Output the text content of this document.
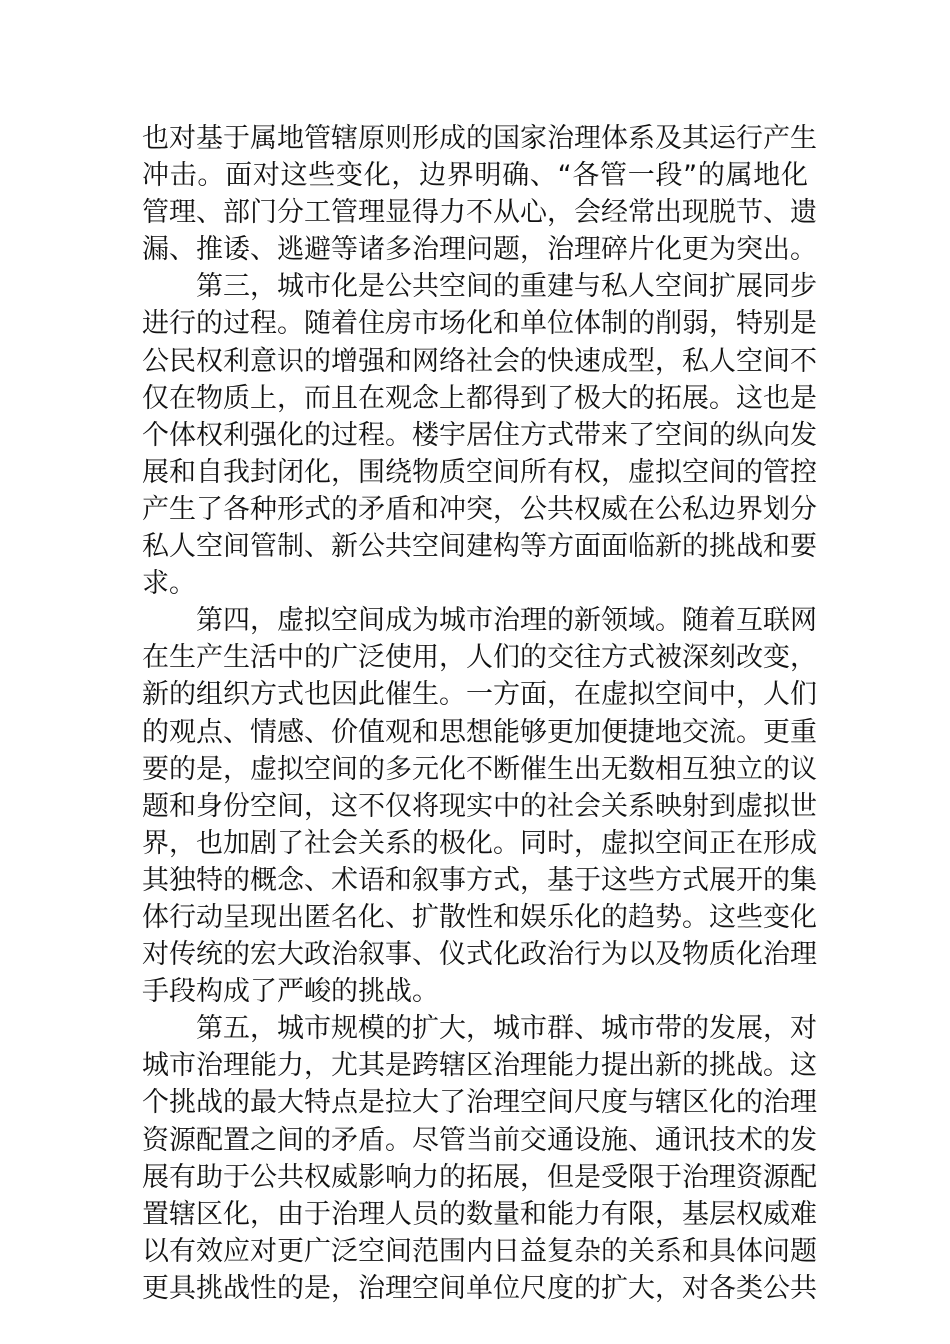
也对基于属地管辖原则形成的国家治理体系及其运行产生
冲击。面对这些变化，边界明确、“各管一段”的属地化
管理、部门分工管理显得力不从心，会经常出现脱节、遗
漏、推诿、逃避等诸多治理问题，治理碎片化更为突出。
　　第三，城市化是公共空间的重建与私人空间扩展同步
进行的过程。随着住房市场化和单位体制的削弱，特别是
公民权利意识的增强和网络社会的快速成型，私人空间不
仅在物质上，而且在观念上都得到了极大的拓展。这也是
个体权利强化的过程。楼宇居住方式带来了空间的纵向发
展和自我封闭化，围绕物质空间所有权，虚拟空间的管控
产生了各种形式的矛盾和冲突，公共权威在公私边界划分
私人空间管制、新公共空间建构等方面面临新的挑战和要
求。
　　第四，虚拟空间成为城市治理的新领域。随着互联网
在生产生活中的广泛使用，人们的交往方式被深刻改变，
新的组织方式也因此催生。一方面，在虚拟空间中，人们
的观点、情感、价值观和思想能够更加便捷地交流。更重
要的是，虚拟空间的多元化不断催生出无数相互独立的议
题和身份空间，这不仅将现实中的社会关系映射到虚拟世
界，也加剧了社会关系的极化。同时，虚拟空间正在形成
其独特的概念、术语和叙事方式，基于这些方式展开的集
体行动呈现出匿名化、扩散性和娱乐化的趋势。这些变化
对传统的宏大政治叙事、仪式化政治行为以及物质化治理
手段构成了严峻的挑战。
　　第五，城市规模的扩大，城市群、城市带的发展，对
城市治理能力，尤其是跨辖区治理能力提出新的挑战。这
个挑战的最大特点是拉大了治理空间尺度与辖区化的治理
资源配置之间的矛盾。尽管当前交通设施、通讯技术的发
展有助于公共权威影响力的拓展，但是受限于治理资源配
置辖区化，由于治理人员的数量和能力有限，基层权威难
以有效应对更广泛空间范围内日益复杂的关系和具体问题
更具挑战性的是，治理空间单位尺度的扩大，对各类公共
